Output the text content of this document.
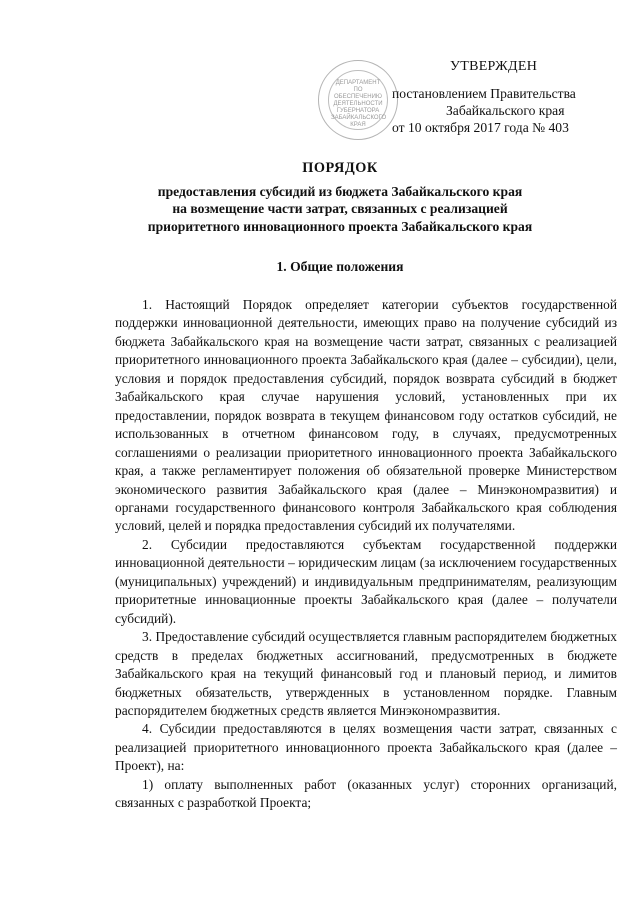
ДЕПАРТАМЕНТ ПО ОБЕСПЕЧЕНИЮ ДЕЯТЕЛЬНОСТИ ГУБЕРНАТОРА ЗАБАЙКАЛЬСКОГО КРАЯ
УТВЕРЖДЕН
постановлением Правительства
Забайкальского края
от 10 октября 2017 года № 403
ПОРЯДОК
предоставления субсидий из бюджета Забайкальского края
на возмещение части затрат, связанных с реализацией
приоритетного инновационного проекта Забайкальского края
1. Общие положения

1. Настоящий Порядок определяет категории субъектов государственной поддержки инновационной деятельности, имеющих право на получение субсидий из бюджета Забайкальского края на возмещение части затрат, связанных с реализацией приоритетного инновационного проекта Забайкальского края (далее – субсидии), цели, условия и порядок предоставления субсидий, порядок возврата субсидий в бюджет Забайкальского края случае нарушения условий, установленных при их предоставлении, порядок возврата в текущем финансовом году остатков субсидий, не использованных в отчетном финансовом году, в случаях, предусмотренных соглашениями о реализации приоритетного инновационного проекта Забайкальского края, а также регламентирует положения об обязательной проверке Министерством экономического развития Забайкальского края (далее – Минэкономразвития) и органами государственного финансового контроля Забайкальского края соблюдения условий, целей и порядка предоставления субсидий их получателями.

2. Субсидии предоставляются субъектам государственной поддержки инновационной деятельности – юридическим лицам (за исключением государственных (муниципальных) учреждений) и индивидуальным предпринимателям, реализующим приоритетные инновационные проекты Забайкальского края (далее – получатели субсидий).

3. Предоставление субсидий осуществляется главным распорядителем бюджетных средств в пределах бюджетных ассигнований, предусмотренных в бюджете Забайкальского края на текущий финансовый год и плановый период, и лимитов бюджетных обязательств, утвержденных в установленном порядке. Главным распорядителем бюджетных средств является Минэкономразвития.

4. Субсидии предоставляются в целях возмещения части затрат, связанных с реализацией приоритетного инновационного проекта Забайкальского края (далее – Проект), на:

1) оплату выполненных работ (оказанных услуг) сторонних организаций, связанных с разработкой Проекта;
